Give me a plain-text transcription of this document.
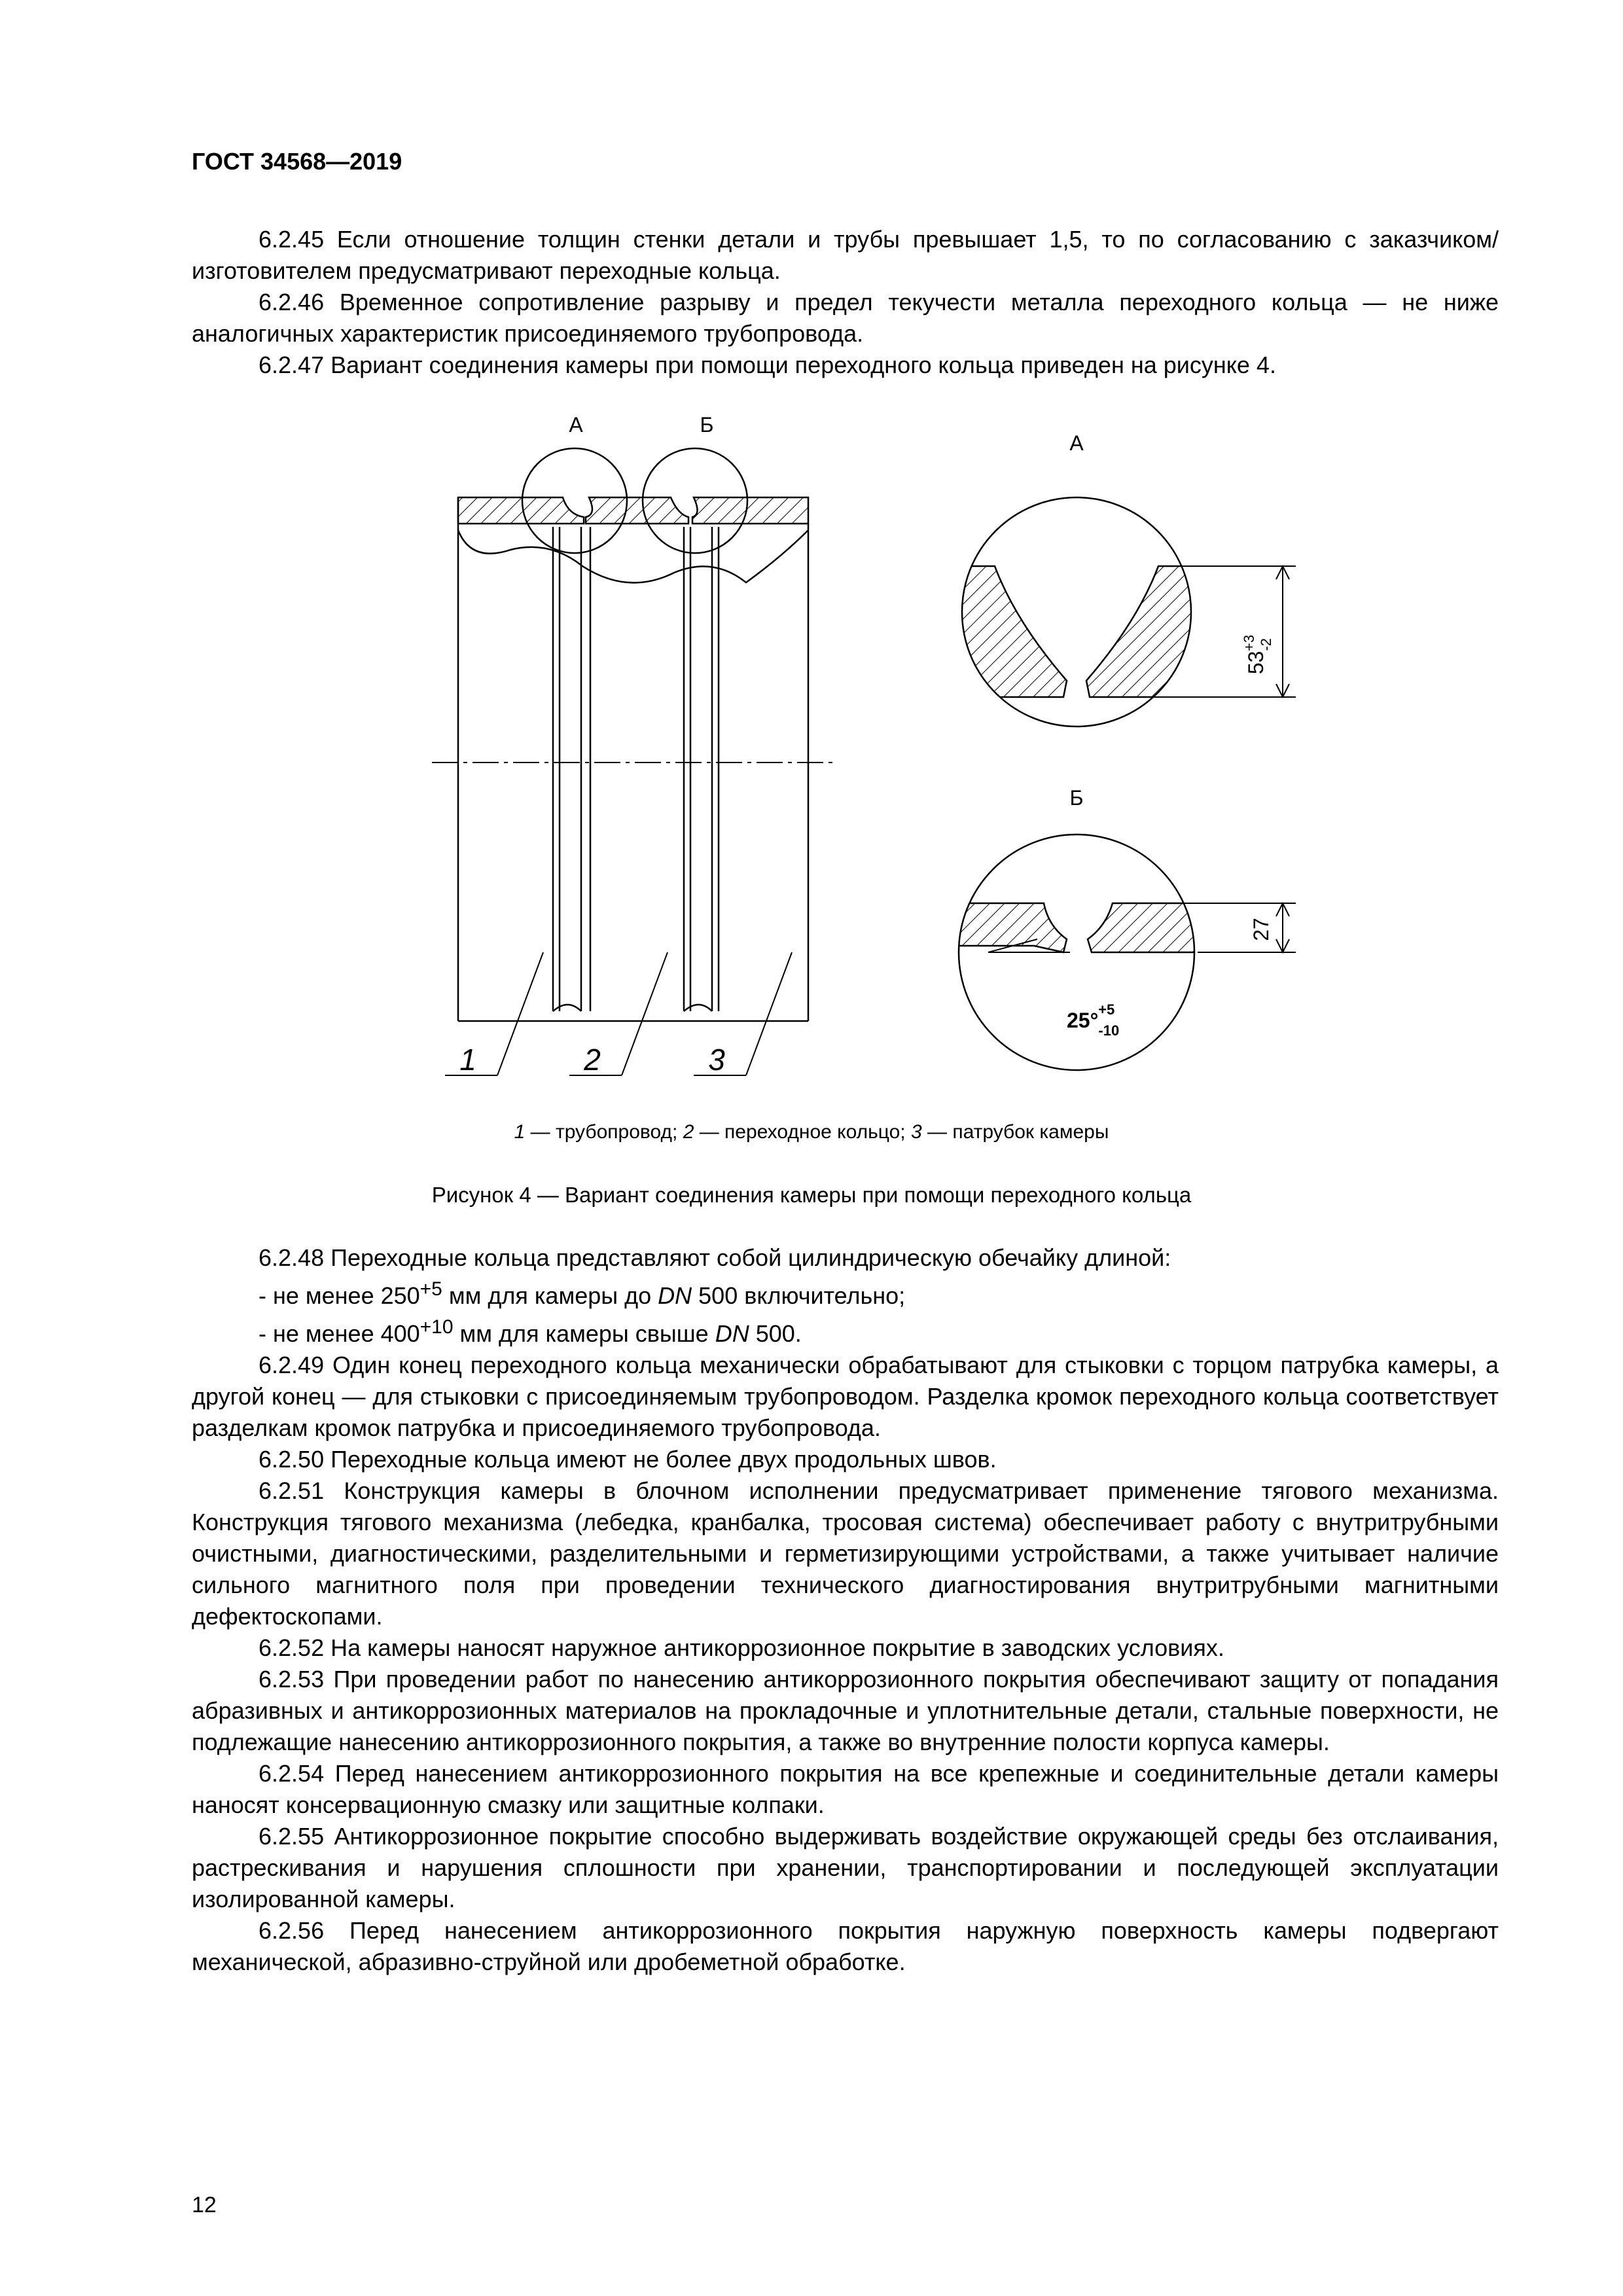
ГОСТ 34568—2019

6.2.45 Если отношение толщин стенки детали и трубы превышает 1,5, то по согласованию с заказчиком/изготовителем предусматривают переходные кольца.

6.2.46 Временное сопротивление разрыву и предел текучести металла переходного кольца — не ниже аналогичных характеристик присоединяемого трубопровода.

6.2.47 Вариант соединения камеры при помощи переходного кольца приведен на рисунке 4.

А	Б
1	2	3
А
$53_{-2}+3$
Б
27
$25^\circ_{-10}+5$
1 — трубопровод; 2 — переходное кольцо; 3 — патрубок камеры
Рисунок 4 — Вариант соединения камеры при помощи переходного кольца

6.2.48 Переходные кольца представляют собой цилиндрическую обечайку длиной:

- не менее $250^{+5}$ мм для камеры до DN 500 включительно;

- не менее $400^{+10}$ мм для камеры свыше DN 500.

6.2.49 Один конец переходного кольца механически обрабатывают для стыковки с торцом патрубка камеры, а другой конец — для стыковки с присоединяемым трубопроводом. Разделка кромок переходного кольца соответствует разделкам кромок патрубка и присоединяемого трубопровода.

6.2.50 Переходные кольца имеют не более двух продольных швов.

6.2.51 Конструкция камеры в блочном исполнении предусматривает применение тягового механизма. Конструкция тягового механизма (лебедка, кранбалка, тросовая система) обеспечивает работу с внутритрубными очистными, диагностическими, разделительными и герметизирующими устройствами, а также учитывает наличие сильного магнитного поля при проведении технического диагностирования внутритрубными магнитными дефектоскопами.

6.2.52 На камеры наносят наружное антикоррозионное покрытие в заводских условиях.

6.2.53 При проведении работ по нанесению антикоррозионного покрытия обеспечивают защиту от попадания абразивных и антикоррозионных материалов на прокладочные и уплотнительные детали, стальные поверхности, не подлежащие нанесению антикоррозионного покрытия, а также во внутренние полости корпуса камеры.

6.2.54 Перед нанесением антикоррозионного покрытия на все крепежные и соединительные детали камеры наносят консервационную смазку или защитные колпаки.

6.2.55 Антикоррозионное покрытие способно выдерживать воздействие окружающей среды без отслаивания, растрескивания и нарушения сплошности при хранении, транспортировании и последующей эксплуатации изолированной камеры.

6.2.56 Перед нанесением антикоррозионного покрытия наружную поверхность камеры подвергают механической, абразивно-струйной или дробеметной обработке.

12
